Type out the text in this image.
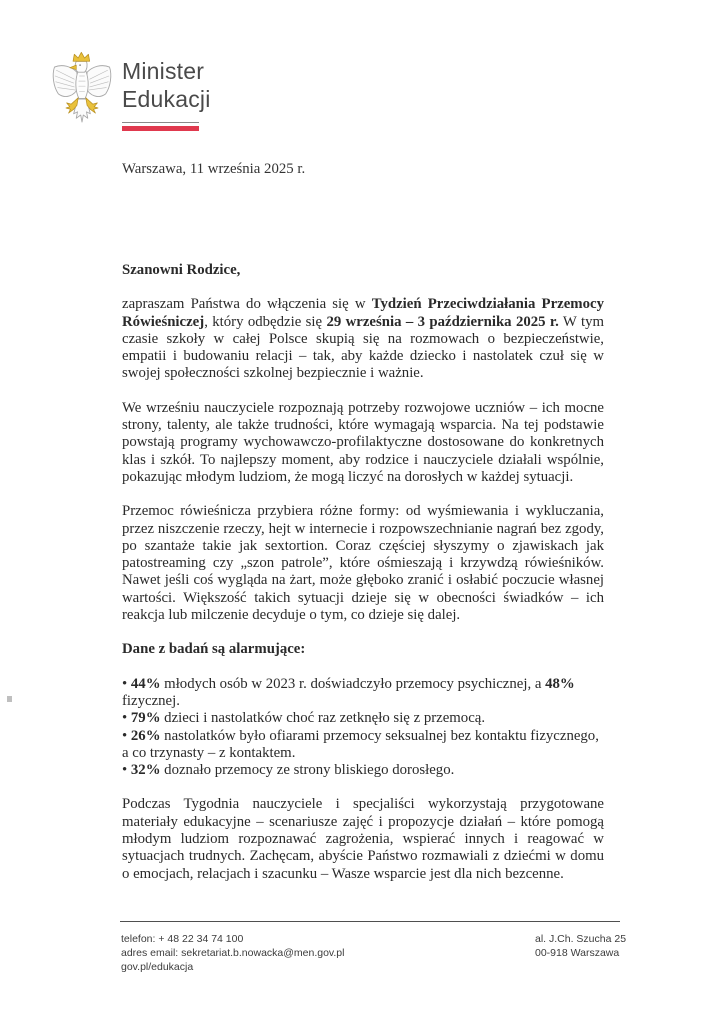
Minister
Edukacji
Warszawa, 11 września 2025 r.

Szanowni Rodzice,

zapraszam Państwa do włączenia się w Tydzień Przeciwdziałania Przemocy Rówieśniczej, który odbędzie się 29 września – 3 października 2025 r. W tym czasie szkoły w całej Polsce skupią się na rozmowach o bezpieczeństwie, empatii i budowaniu relacji – tak, aby każde dziecko i nastolatek czuł się w swojej społeczności szkolnej bezpiecznie i ważnie.

We wrześniu nauczyciele rozpoznają potrzeby rozwojowe uczniów – ich mocne strony, talenty, ale także trudności, które wymagają wsparcia. Na tej podstawie powstają programy wychowawczo-profilaktyczne dostosowane do konkretnych klas i szkół. To najlepszy moment, aby rodzice i nauczyciele działali wspólnie, pokazując młodym ludziom, że mogą liczyć na dorosłych w każdej sytuacji.

Przemoc rówieśnicza przybiera różne formy: od wyśmiewania i wykluczania, przez niszczenie rzeczy, hejt w internecie i rozpowszechnianie nagrań bez zgody, po szantaże takie jak sextortion. Coraz częściej słyszymy o zjawiskach jak patostreaming czy „szon patrole”, które ośmieszają i krzywdzą rówieśników. Nawet jeśli coś wygląda na żart, może głęboko zranić i osłabić poczucie własnej wartości. Większość takich sytuacji dzieje się w obecności świadków – ich reakcja lub milczenie decyduje o tym, co dzieje się dalej.

Dane z badań są alarmujące:

• 44% młodych osób w 2023 r. doświadczyło przemocy psychicznej, a 48% fizycznej.

• 79% dzieci i nastolatków choć raz zetknęło się z przemocą.

• 26% nastolatków było ofiarami przemocy seksualnej bez kontaktu fizycznego, a co trzynasty – z kontaktem.

• 32% doznało przemocy ze strony bliskiego dorosłego.

Podczas Tygodnia nauczyciele i specjaliści wykorzystają przygotowane materiały edukacyjne – scenariusze zajęć i propozycje działań – które pomogą młodym ludziom rozpoznawać zagrożenia, wspierać innych i reagować w sytuacjach trudnych. Zachęcam, abyście Państwo rozmawiali z dziećmi w domu o emocjach, relacjach i szacunku – Wasze wsparcie jest dla nich bezcenne.

telefon: + 48 22 34 74 100
adres email: sekretariat.b.nowacka@men.gov.pl
gov.pl/edukacja
al. J.Ch. Szucha 25
00-918 Warszawa
